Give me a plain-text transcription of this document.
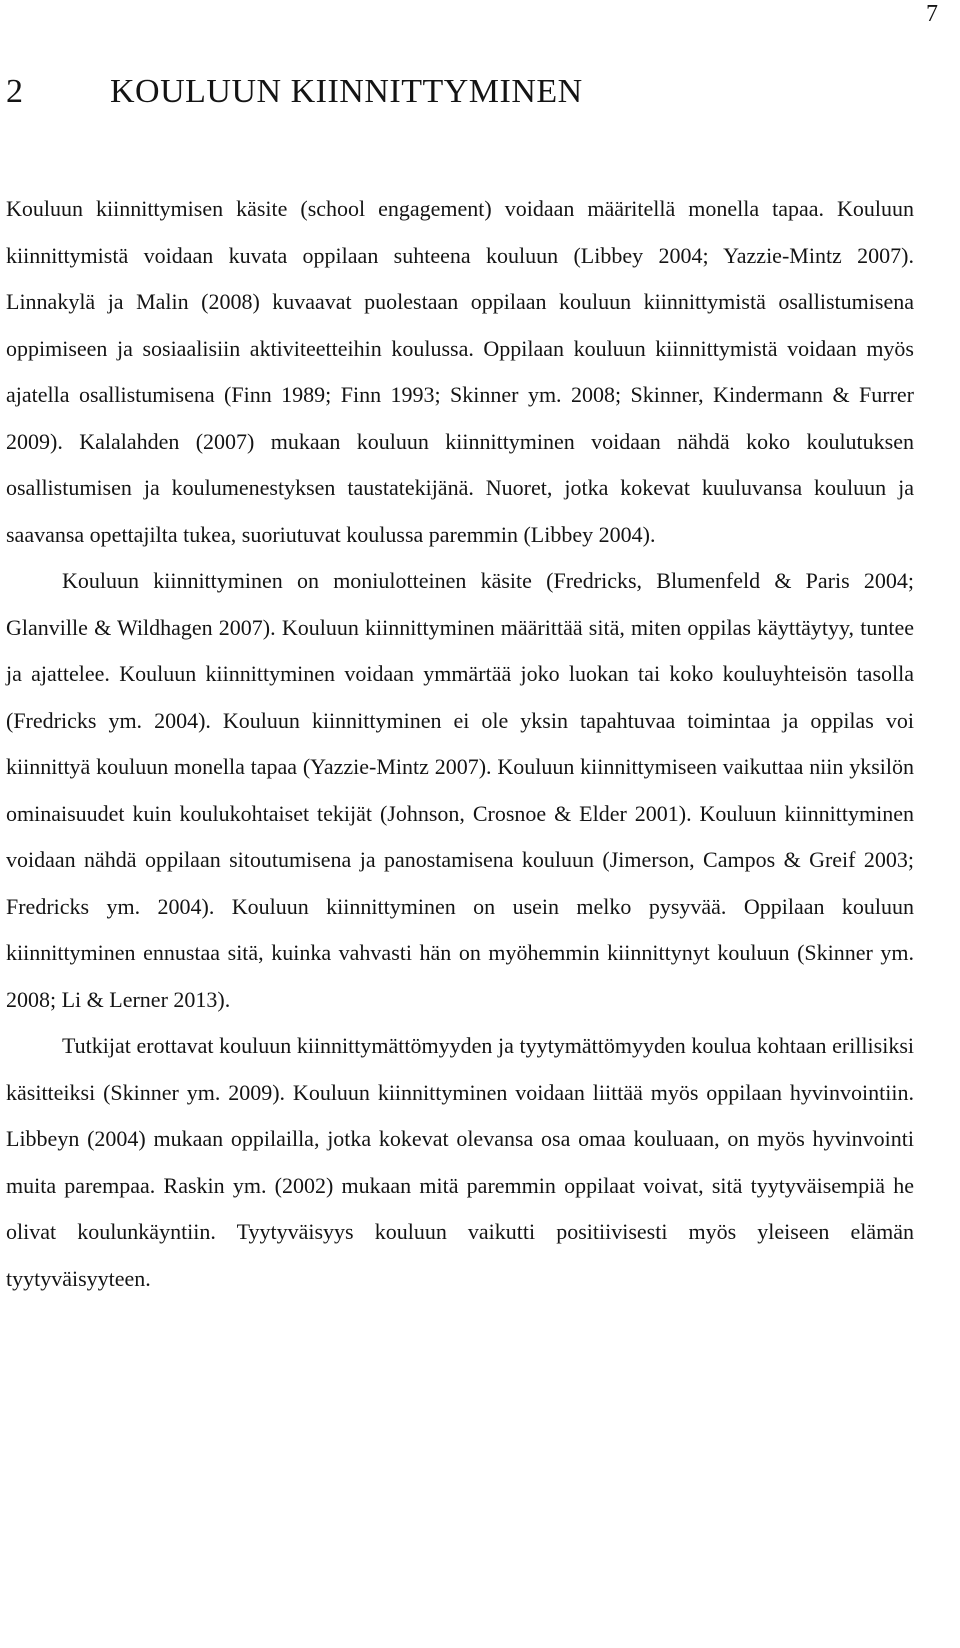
7
2	KOULUUN KIINNITTYMINEN

Kouluun kiinnittymisen käsite (school engagement) voidaan määritellä monella tapaa. Kouluun kiinnittymistä voidaan kuvata oppilaan suhteena kouluun (Libbey 2004; Yazzie-Mintz 2007). Linnakylä ja Malin (2008) kuvaavat puolestaan oppilaan kouluun kiinnittymistä osallistumisena oppimiseen ja sosiaalisiin aktiviteetteihin koulussa. Oppilaan kouluun kiinnittymistä voidaan myös ajatella osallistumisena (Finn 1989; Finn 1993; Skinner ym. 2008; Skinner, Kindermann & Furrer 2009). Kalalahden (2007) mukaan kouluun kiinnittyminen voidaan nähdä koko koulutuksen osallistumisen ja koulumenestyksen taustatekijänä. Nuoret, jotka kokevat kuuluvansa kouluun ja saavansa opettajilta tukea, suoriutuvat koulussa paremmin (Libbey 2004).

Kouluun kiinnittyminen on moniulotteinen käsite (Fredricks, Blumenfeld & Paris 2004; Glanville & Wildhagen 2007). Kouluun kiinnittyminen määrittää sitä, miten oppilas käyttäytyy, tuntee ja ajattelee. Kouluun kiinnittyminen voidaan ymmärtää joko luokan tai koko kouluyhteisön tasolla (Fredricks ym. 2004). Kouluun kiinnittyminen ei ole yksin tapahtuvaa toimintaa ja oppilas voi kiinnittyä kouluun monella tapaa (Yazzie-Mintz 2007). Kouluun kiinnittymiseen vaikuttaa niin yksilön ominaisuudet kuin koulukohtaiset tekijät (Johnson, Crosnoe & Elder 2001). Kouluun kiinnittyminen voidaan nähdä oppilaan sitoutumisena ja panostamisena kouluun (Jimerson, Campos & Greif 2003; Fredricks ym. 2004). Kouluun kiinnittyminen on usein melko pysyvää. Oppilaan kouluun kiinnittyminen ennustaa sitä, kuinka vahvasti hän on myöhemmin kiinnittynyt kouluun (Skinner ym. 2008; Li & Lerner 2013).

Tutkijat erottavat kouluun kiinnittymättömyyden ja tyytymättömyyden koulua kohtaan erillisiksi käsitteiksi (Skinner ym. 2009). Kouluun kiinnittyminen voidaan liittää myös oppilaan hyvinvointiin. Libbeyn (2004) mukaan oppilailla, jotka kokevat olevansa osa omaa kouluaan, on myös hyvinvointi muita parempaa. Raskin ym. (2002) mukaan mitä paremmin oppilaat voivat, sitä tyytyväisempiä he olivat koulunkäyntiin. Tyytyväisyys kouluun vaikutti positiivisesti myös yleiseen elämän tyytyväisyyteen.
